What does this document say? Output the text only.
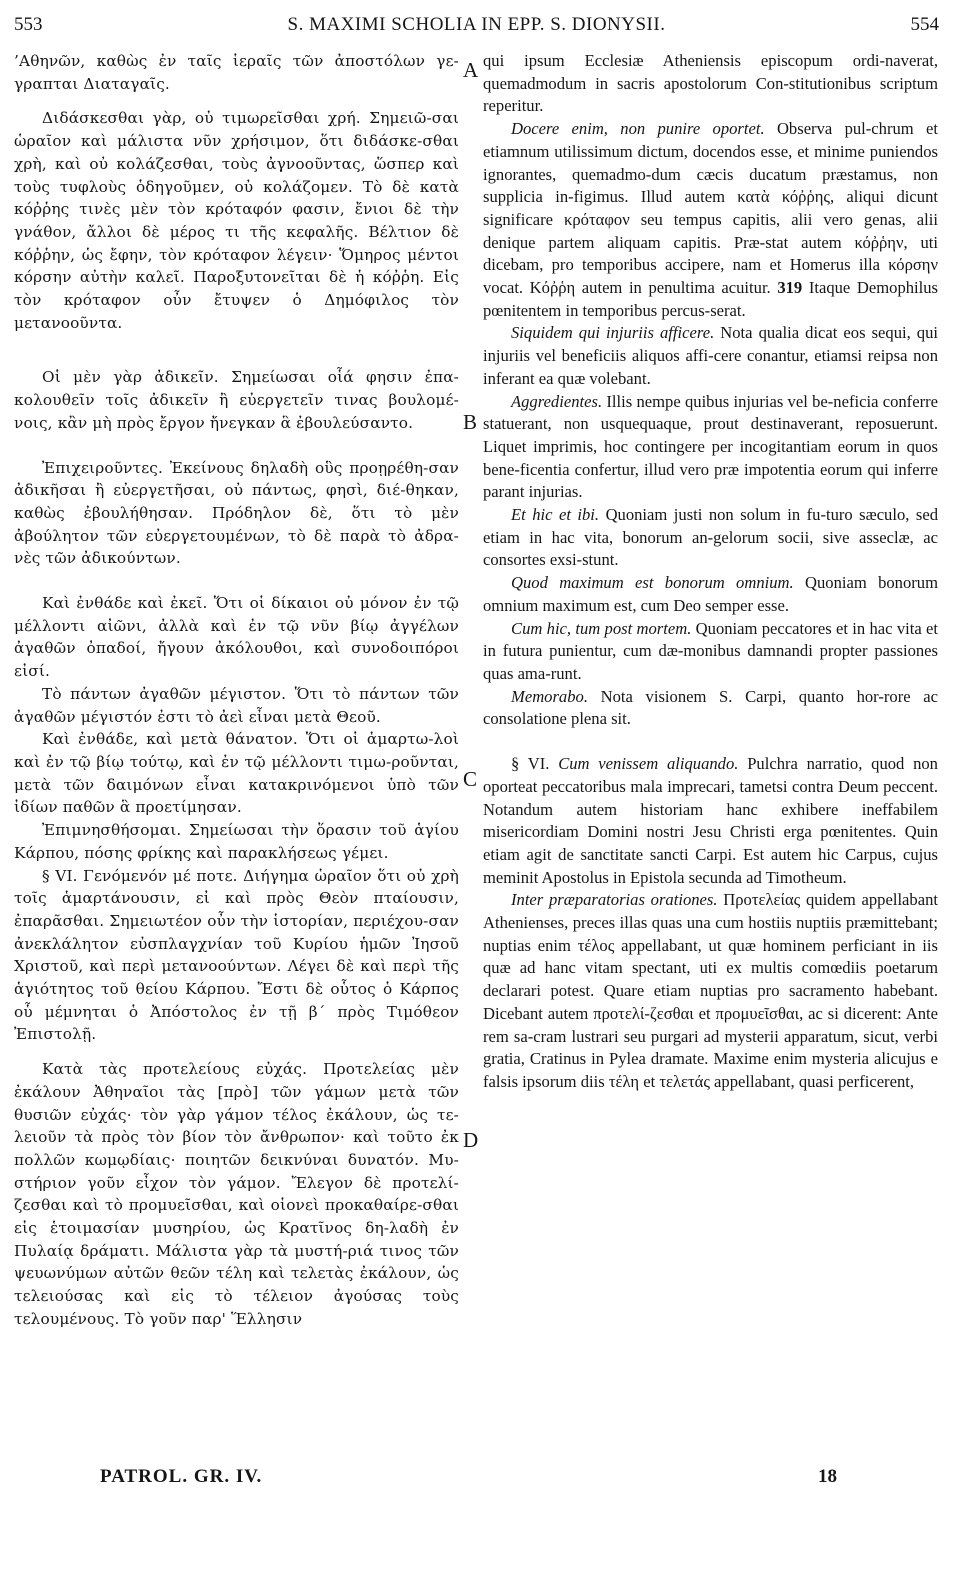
553	S. MAXIMI SCHOLIA IN EPP. S. DIONYSII.	554

’Αθηνῶν, καθὼς ἐν ταῖς ἱεραῖς τῶν ἀποστόλων γε-γραπται Διαταγαῖς.

Διδάσκεσθαι γὰρ, οὐ τιμωρεῖσθαι χρή. Σημειῶ-σαι ὡραῖον καὶ μάλιστα νῦν χρήσιμον, ὅτι διδάσκε-σθαι χρὴ, καὶ οὐ κολάζεσθαι, τοὺς ἀγνοοῦντας, ὥσπερ καὶ τοὺς τυφλοὺς ὁδηγοῦμεν, οὐ κολάζομεν. Τὸ δὲ κατὰ κόῤῥης τινὲς μὲν τὸν κρόταφόν φασιν, ἔνιοι δὲ τὴν γνάθον, ἄλλοι δὲ μέρος τι τῆς κεφαλῆς. Βέλτιον δὲ κόῤῥην, ὡς ἔφην, τὸν κρόταφον λέγειν· Ὅμηρος μέντοι κόρσην αὐτὴν καλεῖ. Παροξυτονεῖται δὲ ἡ κόῤῥη. Εἰς τὸν κρόταφον οὖν ἔτυψεν ὁ Δημόφιλος τὸν μετανοοῦντα.

Οἱ μὲν γὰρ ἀδικεῖν. Σημείωσαι οἷά φησιν ἐπα-κολουθεῖν τοῖς ἀδικεῖν ἢ εὐεργετεῖν τινας βουλομέ-νοις, κἂν μὴ πρὸς ἔργον ἤνεγκαν ἃ ἐβουλεύσαντο.

Ἐπιχειροῦντες. Ἐκείνους δηλαδὴ οὓς προῃρέθη-σαν ἀδικῆσαι ἢ εὐεργετῆσαι, οὐ πάντως, φησὶ, διέ-θηκαν, καθὼς ἐβουλήθησαν. Πρόδηλον δὲ, ὅτι τὸ μὲν ἀβούλητον τῶν εὐεργετουμένων, τὸ δὲ παρὰ τὸ ἀδρα-νὲς τῶν ἀδικούντων.

Καὶ ἐνθάδε καὶ ἐκεῖ. Ὅτι οἱ δίκαιοι οὐ μόνον ἐν τῷ μέλλοντι αἰῶνι, ἀλλὰ καὶ ἐν τῷ νῦν βίῳ ἀγγέλων ἀγαθῶν ὀπαδοί, ἤγουν ἀκόλουθοι, καὶ συνοδοιπόροι εἰσί.

Τὸ πάντων ἀγαθῶν μέγιστον. Ὅτι τὸ πάντων τῶν ἀγαθῶν μέγιστόν ἐστι τὸ ἀεὶ εἶναι μετὰ Θεοῦ.

Καὶ ἐνθάδε, καὶ μετὰ θάνατον. Ὅτι οἱ ἁμαρτω-λοὶ καὶ ἐν τῷ βίῳ τούτῳ, καὶ ἐν τῷ μέλλοντι τιμω-ροῦνται, μετὰ τῶν δαιμόνων εἶναι κατακρινόμενοι ὑπὸ τῶν ἰδίων παθῶν ἃ προετίμησαν.

Ἐπιμνησθήσομαι. Σημείωσαι τὴν ὅρασιν τοῦ ἁγίου Κάρπου, πόσης φρίκης καὶ παρακλήσεως γέμει.

§ VI. Γενόμενόν μέ ποτε. Διήγημα ὡραῖον ὅτι οὐ χρὴ τοῖς ἁμαρτάνουσιν, εἰ καὶ πρὸς Θεὸν πταίουσιν, ἐπαρᾶσθαι. Σημειωτέον οὖν τὴν ἱστορίαν, περιέχου-σαν ἀνεκλάλητον εὐσπλαγχνίαν τοῦ Κυρίου ἡμῶν Ἰησοῦ Χριστοῦ, καὶ περὶ μετανοούντων. Λέγει δὲ καὶ περὶ τῆς ἁγιότητος τοῦ θείου Κάρπου. Ἔστι δὲ οὗτος ὁ Κάρπος οὗ μέμνηται ὁ Ἀπόστολος ἐν τῇ β΄ πρὸς Τιμόθεον Ἐπιστολῇ.

Κατὰ τὰς προτελείους εὐχάς. Προτελείας μὲν ἐκάλουν Ἀθηναῖοι τὰς [πρὸ] τῶν γάμων μετὰ τῶν θυσιῶν εὐχάς· τὸν γὰρ γάμον τέλος ἐκάλουν, ὡς τε-λειοῦν τὰ πρὸς τὸν βίον τὸν ἄνθρωπον· καὶ τοῦτο ἐκ πολλῶν κωμῳδίαις· ποιητῶν δεικνύναι δυνατόν. Μυ-στήριον γοῦν εἶχον τὸν γάμον. Ἔλεγον δὲ προτελί-ζεσθαι καὶ τὸ προμυεῖσθαι, καὶ οἱονεὶ προκαθαίρε-σθαι εἰς ἑτοιμασίαν μυσηρίου, ὡς Κρατῖνος δη-λαδὴ ἐν Πυλαίᾳ δράματι. Μάλιστα γὰρ τὰ μυστή-ριά τινος τῶν ψευωνύμων αὐτῶν θεῶν τέλη καὶ τελετὰς ἐκάλουν, ὡς τελειούσας καὶ εἰς τὸ τέλειον ἀγούσας τοὺς τελουμένους. Τὸ γοῦν παρ' Ἕλλησιν

A
B
C
D

qui ipsum Ecclesiæ Atheniensis episcopum ordi-naverat, quemadmodum in sacris apostolorum Con-stitutionibus scriptum reperitur.

Docere enim, non punire oportet. Observa pul-chrum et etiamnum utilissimum dictum, docendos esse, et minime puniendos ignorantes, quemadmo-dum cæcis ducatum præstamus, non supplicia in-figimus. Illud autem κατὰ κόῤῥης, aliqui dicunt significare κρόταφον seu tempus capitis, alii vero genas, alii denique partem aliquam capitis. Præ-stat autem κόῤῥην, uti dicebam, pro temporibus accipere, nam et Homerus illa κόρσην vocat. Κόῤῥη autem in penultima acuitur. 319 Itaque Demophilus pœnitentem in temporibus percus-serat.

Siquidem qui injuriis afficere. Nota qualia dicat eos sequi, qui injuriis vel beneficiis aliquos affi-cere conantur, etiamsi reipsa non inferant ea quæ volebant.

Aggredientes. Illis nempe quibus injurias vel be-neficia conferre statuerant, non usquequaque, prout destinaverant, reposuerunt. Liquet imprimis, hoc contingere per incogitantiam eorum in quos bene-ficentia confertur, illud vero præ impotentia eorum qui inferre parant injurias.

Et hic et ibi. Quoniam justi non solum in fu-turo sæculo, sed etiam in hac vita, bonorum an-gelorum socii, sive asseclæ, ac consortes exsi-stunt.

Quod maximum est bonorum omnium. Quoniam bonorum omnium maximum est, cum Deo semper esse.

Cum hic, tum post mortem. Quoniam peccatores et in hac vita et in futura punientur, cum dæ-monibus damnandi propter passiones quas ama-runt.

Memorabo. Nota visionem S. Carpi, quanto hor-rore ac consolatione plena sit.

§ VI. Cum venissem aliquando. Pulchra narratio, quod non oporteat peccatoribus mala imprecari, tametsi contra Deum peccent. Notandum autem historiam hanc exhibere ineffabilem misericordiam Domini nostri Jesu Christi erga pœnitentes. Quin etiam agit de sanctitate sancti Carpi. Est autem hic Carpus, cujus meminit Apostolus in Epistola secunda ad Timotheum.

Inter præparatorias orationes. Προτελείας quidem appellabant Athenienses, preces illas quas una cum hostiis nuptiis præmittebant; nuptias enim τέλος appellabant, ut quæ hominem perficiant in iis quæ ad hanc vitam spectant, uti ex multis comœdiis poetarum declarari potest. Quare etiam nuptias pro sacramento habebant. Dicebant autem προτελί-ζεσθαι et προμυεῖσθαι, ac si dicerent: Ante rem sa-cram lustrari seu purgari ad mysterii apparatum, sicut, verbi gratia, Cratinus in Pylea dramate. Maxime enim mysteria alicujus e falsis ipsorum diis τέλη et τελετάς appellabant, quasi perficerent,

PATROL. GR. IV.	18
